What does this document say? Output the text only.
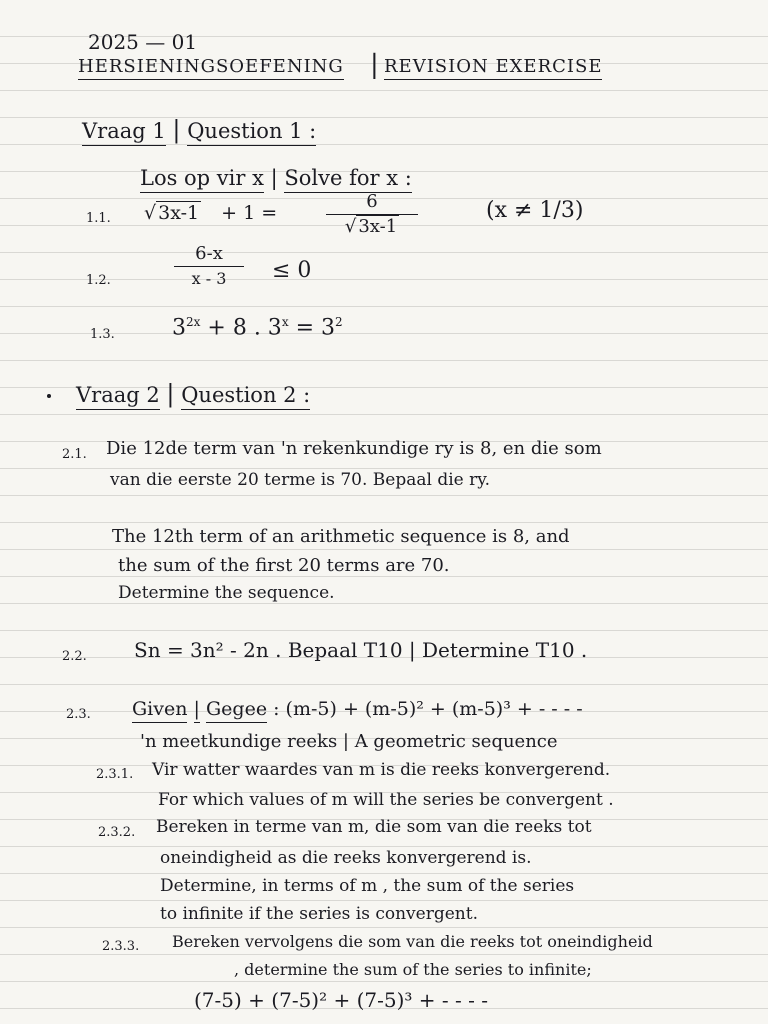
2025 — 01
HERSIENINGSOEFENING | REVISION EXERCISE
Vraag 1 | Question 1 :
Los op vir x | Solve for x :
1.1. √ 3x-1 + 1 =
6
√ 3x-1
(x ≠ 1/3)
1.2.
6-x
x - 3	≤ 0
1.3.	$3^{2x} + 8$ . $3^x = 3^2$
Vraag 2 | Question 2 :
2.1. Die 12de term van 'n rekenkundige ry is 8, en die som
van die eerste 20 terme is 70. Bepaal die ry.
The 12th term of an arithmetic sequence is 8, and
the sum of the first 20 terms are 70.
Determine the sequence.
2.2. Sn = 3n² - 2n . Bepaal T10 | Determine T10 .
2.3. Given | Gegee : (m-5) + (m-5)² + (m-5)³ + - - - -
'n meetkundige reeks | A geometric sequence
2.3.1. Vir watter waardes van m is die reeks konvergerend.
For which values of m will the series be convergent .
2.3.2. Bereken in terme van m, die som van die reeks tot
oneindigheid as die reeks konvergerend is.
Determine, in terms of m , the sum of the series
to infinite if the series is convergent.
2.3.3. Bereken vervolgens die som van die reeks tot oneindigheid
, determine the sum of the series to infinite;
(7-5) + (7-5)² + (7-5)³ + - - - -
